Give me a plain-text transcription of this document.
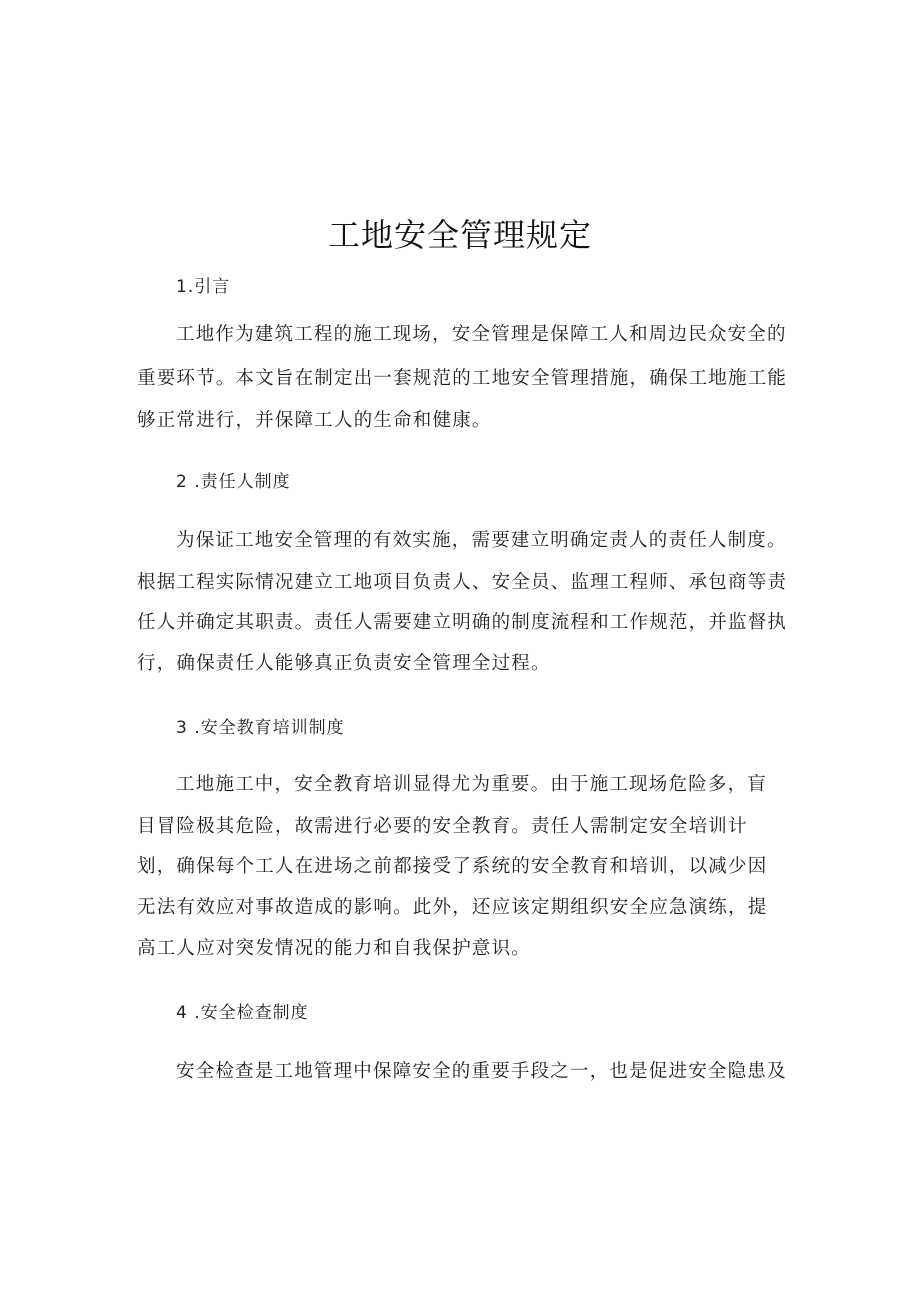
工地安全管理规定

1.引言

工地作为建筑工程的施工现场，安全管理是保障工人和周边民众安全的

重要环节。本文旨在制定出一套规范的工地安全管理措施，确保工地施工能

够正常进行，并保障工人的生命和健康。

2 .责任人制度

为保证工地安全管理的有效实施，需要建立明确定责人的责任人制度。

根据工程实际情况建立工地项目负责人、安全员、监理工程师、承包商等责

任人并确定其职责。责任人需要建立明确的制度流程和工作规范，并监督执

行，确保责任人能够真正负责安全管理全过程。

3 .安全教育培训制度

工地施工中，安全教育培训显得尤为重要。由于施工现场危险多，盲

目冒险极其危险，故需进行必要的安全教育。责任人需制定安全培训计

划，确保每个工人在进场之前都接受了系统的安全教育和培训，以减少因

无法有效应对事故造成的影响。此外，还应该定期组织安全应急演练，提

高工人应对突发情况的能力和自我保护意识。

4 .安全检查制度

安全检查是工地管理中保障安全的重要手段之一，也是促进安全隐患及
